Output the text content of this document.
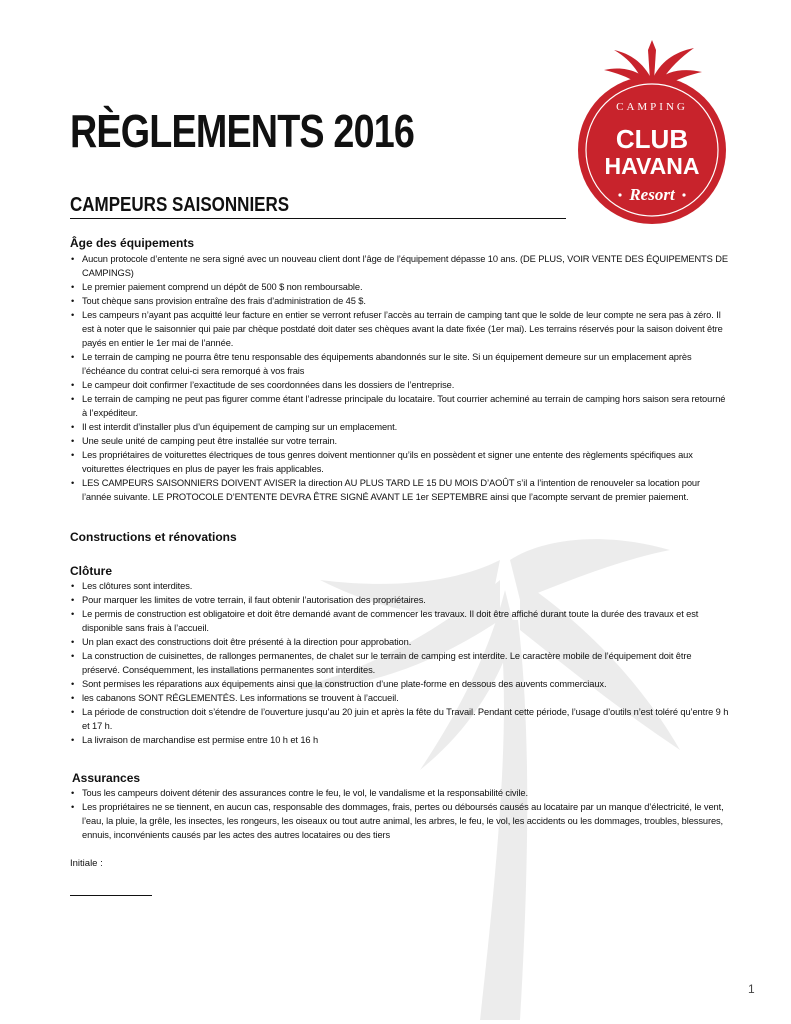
CAMPING
CLUB
HAVANA
Resort
RÈGLEMENTS 2016
CAMPEURS SAISONNIERS
Âge des équipements
• Aucun protocole d’entente ne sera signé avec un nouveau client dont l’âge de l’équipement dépasse 10 ans. (DE PLUS, VOIR VENTE DES ÉQUIPEMENTS DE CAMPINGS)
• Le premier paiement comprend un dépôt de 500 $ non remboursable.
• Tout chèque sans provision entraîne des frais d’administration de 45 $.
• Les campeurs n’ayant pas acquitté leur facture en entier se verront refuser l’accès au terrain de camping tant que le solde de leur compte ne sera pas à zéro. Il est à noter que le saisonnier qui paie par chèque postdaté doit dater ses chèques avant la date fixée (1er mai). Les terrains réservés pour la saison doivent être payés en entier le 1er mai de l’année.
• Le terrain de camping ne pourra être tenu responsable des équipements abandonnés sur le site. Si un équipement demeure sur un emplacement après l’échéance du contrat celui-ci sera remorqué à vos frais
• Le campeur doit confirmer l’exactitude de ses coordonnées dans les dossiers de l’entreprise.
• Le terrain de camping ne peut pas figurer comme étant l’adresse principale du locataire. Tout courrier acheminé au terrain de camping hors saison sera retourné à l’expéditeur.
• Il est interdit d’installer plus d’un équipement de camping sur un emplacement.
• Une seule unité de camping peut être installée sur votre terrain.
• Les propriétaires de voiturettes électriques de tous genres doivent mentionner qu’ils en possèdent et signer une entente des règlements spécifiques aux voiturettes électriques en plus de payer les frais applicables.
• LES CAMPEURS SAISONNIERS DOIVENT AVISER la direction AU PLUS TARD LE 15 DU MOIS D’AOÛT s’il a l’intention de renouveler sa location pour l’année suivante. LE PROTOCOLE D’ENTENTE DEVRA ÊTRE SIGNÉ AVANT LE 1er SEPTEMBRE ainsi que l’acompte servant de premier paiement.
Constructions et rénovations
Clôture
• Les clôtures sont interdites.
• Pour marquer les limites de votre terrain, il faut obtenir l’autorisation des propriétaires.
• Le permis de construction est obligatoire et doit être demandé avant de commencer les travaux. Il doit être affiché durant toute la durée des travaux et est disponible sans frais à l’accueil.
• Un plan exact des constructions doit être présenté à la direction pour approbation.
• La construction de cuisinettes, de rallonges permanentes, de chalet sur le terrain de camping est interdite. Le caractère mobile de l’équipement doit être préservé. Conséquemment, les installations permanentes sont interdites.
• Sont permises les réparations aux équipements ainsi que la construction d’une plate-forme en dessous des auvents commerciaux.
• les cabanons SONT RÉGLEMENTÉS. Les informations se trouvent à l’accueil.
• La période de construction doit s’étendre de l’ouverture jusqu’au 20 juin et après la fête du Travail. Pendant cette période, l’usage d’outils n’est toléré qu’entre 9 h et 17 h.
• La livraison de marchandise est permise entre 10 h et 16 h
Assurances
• Tous les campeurs doivent détenir des assurances contre le feu, le vol, le vandalisme et la responsabilité civile.
• Les propriétaires ne se tiennent, en aucun cas, responsable des dommages, frais, pertes ou déboursés causés au locataire par un manque d’électricité, le vent, l’eau, la pluie, la grêle, les insectes, les rongeurs, les oiseaux ou tout autre animal, les arbres, le feu, le vol, les accidents ou les dommages, troubles, blessures, ennuis, inconvénients causés par les actes des autres locataires ou des tiers
Initiale :
1
